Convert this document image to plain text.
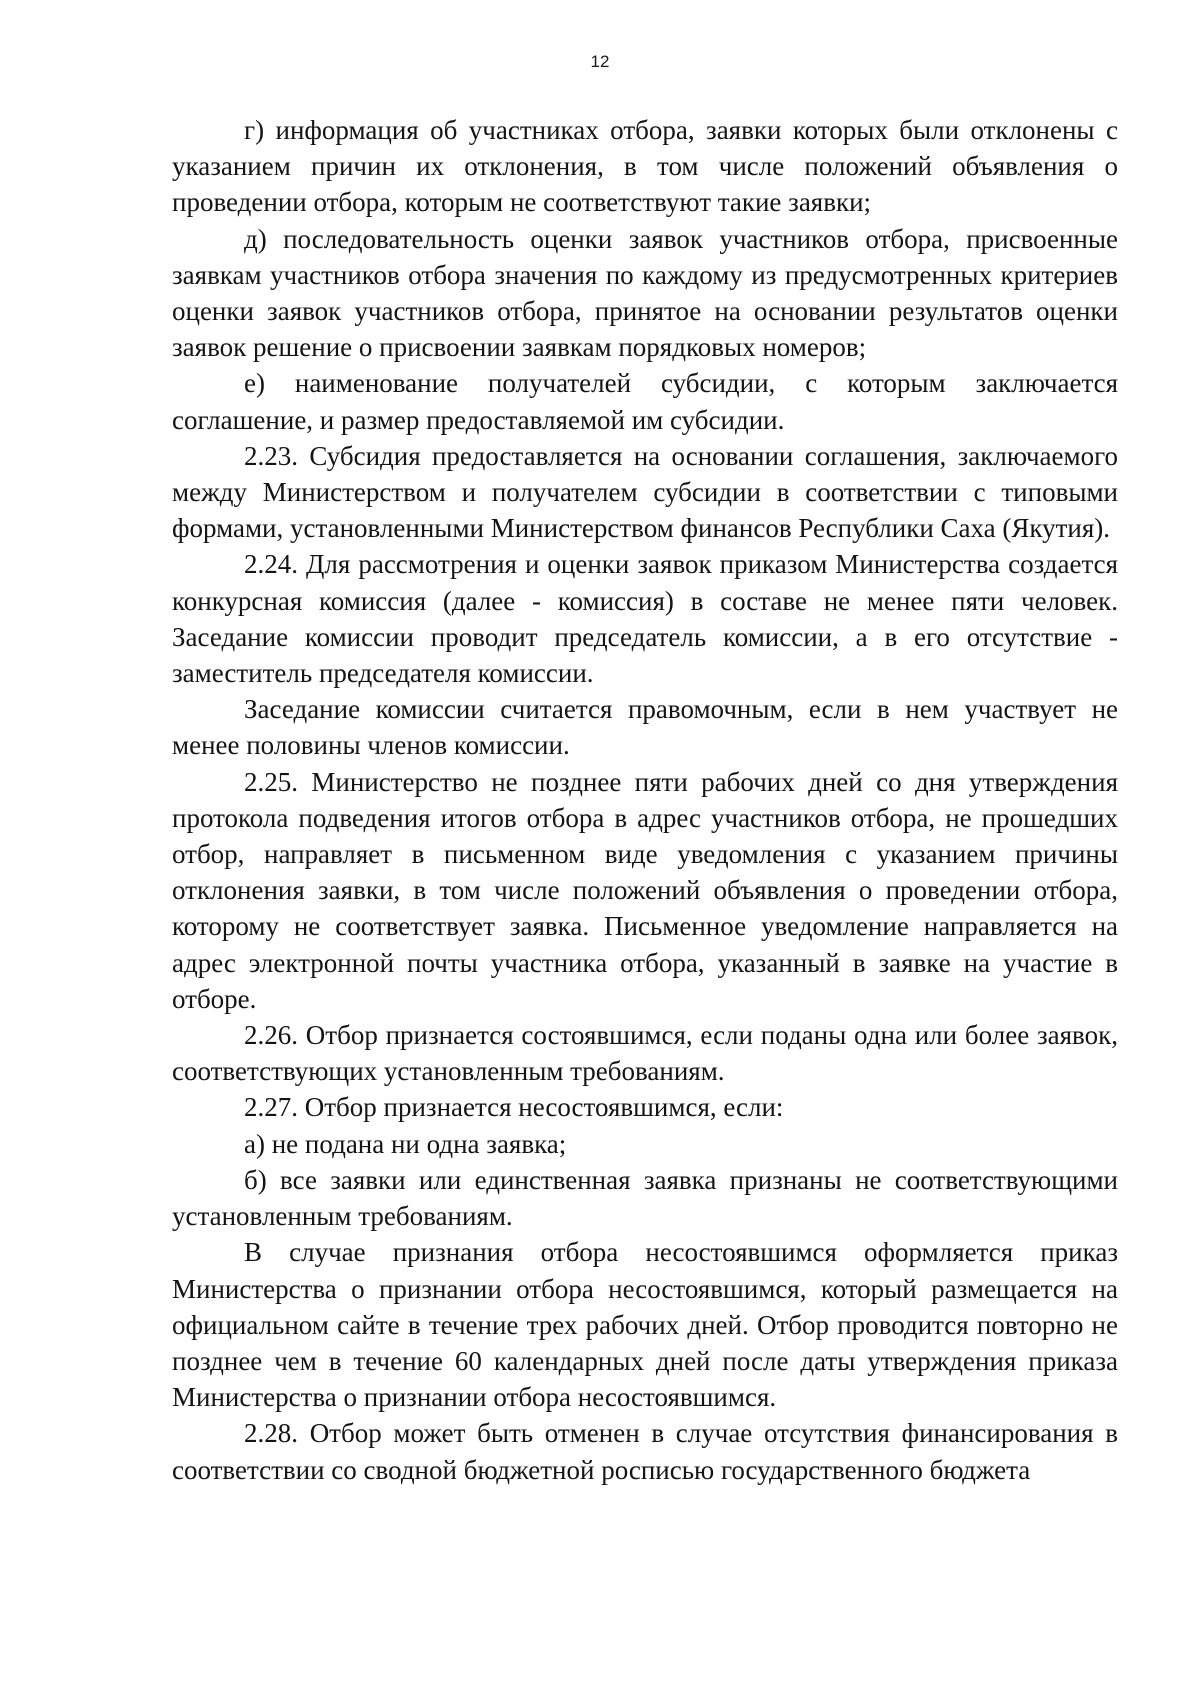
12

г) информация об участниках отбора, заявки которых были отклонены с указанием причин их отклонения, в том числе положений объявления о проведении отбора, которым не соответствуют такие заявки;

д) последовательность оценки заявок участников отбора, присвоенные заявкам участников отбора значения по каждому из предусмотренных критериев оценки заявок участников отбора, принятое на основании результатов оценки заявок решение о присвоении заявкам порядковых номеров;

е) наименование получателей субсидии, с которым заключается соглашение, и размер предоставляемой им субсидии.

2.23. Субсидия предоставляется на основании соглашения, заключаемого между Министерством и получателем субсидии в соответствии с типовыми формами, установленными Министерством финансов Республики Саха (Якутия).

2.24. Для рассмотрения и оценки заявок приказом Министерства создается конкурсная комиссия (далее - комиссия) в составе не менее пяти человек. Заседание комиссии проводит председатель комиссии, а в его отсутствие - заместитель председателя комиссии.

Заседание комиссии считается правомочным, если в нем участвует не менее половины членов комиссии.

2.25. Министерство не позднее пяти рабочих дней со дня утверждения протокола подведения итогов отбора в адрес участников отбора, не прошедших отбор, направляет в письменном виде уведомления с указанием причины отклонения заявки, в том числе положений объявления о проведении отбора, которому не соответствует заявка. Письменное уведомление направляется на адрес электронной почты участника отбора, указанный в заявке на участие в отборе.

2.26. Отбор признается состоявшимся, если поданы одна или более заявок, соответствующих установленным требованиям.

2.27. Отбор признается несостоявшимся, если:

а) не подана ни одна заявка;

б) все заявки или единственная заявка признаны не соответствующими установленным требованиям.

В случае признания отбора несостоявшимся оформляется приказ Министерства о признании отбора несостоявшимся, который размещается на официальном сайте в течение трех рабочих дней. Отбор проводится повторно не позднее чем в течение 60 календарных дней после даты утверждения приказа Министерства о признании отбора несостоявшимся.

2.28. Отбор может быть отменен в случае отсутствия финансирования в соответствии со сводной бюджетной росписью государственного бюджета
